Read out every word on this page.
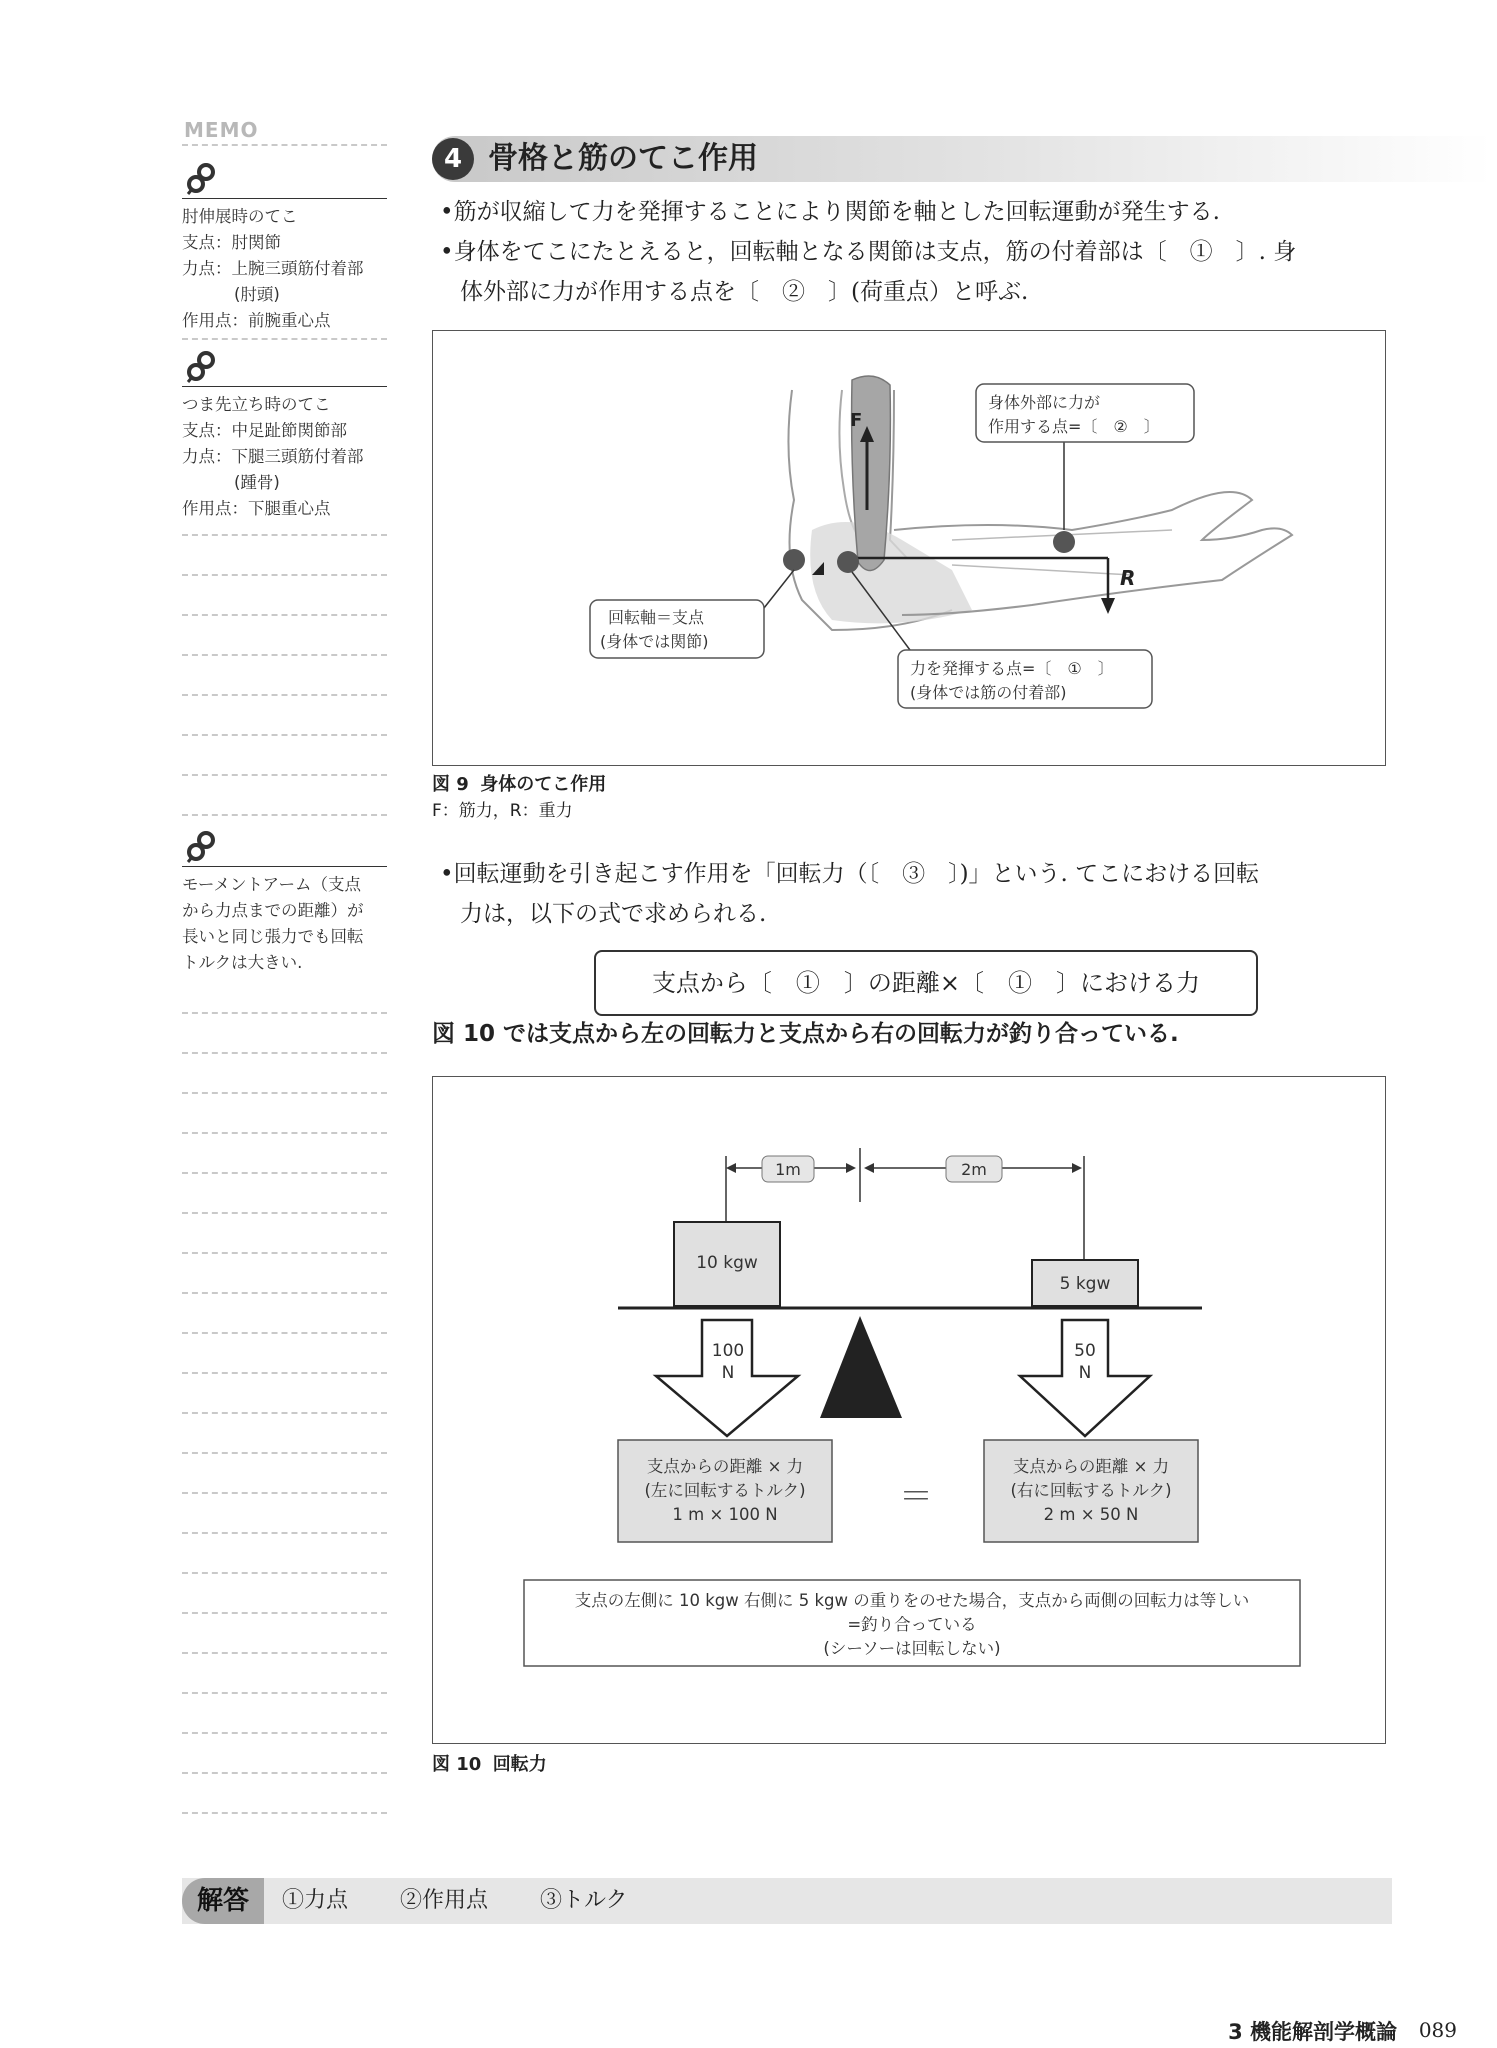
MEMO
肘伸展時のてこ
支点：肘関節
力点：上腕三頭筋付着部
(肘頭)
作用点：前腕重心点
つま先立ち時のてこ
支点：中足趾節関節部
力点：下腿三頭筋付着部
(踵骨)
作用点：下腿重心点
モーメントアーム（支点
から力点までの距離）が
長いと同じ張力でも回転
トルクは大きい.
4 骨格と筋のてこ作用
•筋が収縮して力を発揮することにより関節を軸とした回転運動が発生する.
•身体をてこにたとえると，回転軸となる関節は支点，筋の付着部は〔　①　〕. 身
体外部に力が作用する点を〔　②　〕(荷重点）と呼ぶ.
F
R
身体外部に力が
作用する点=〔　②　〕
回転軸＝支点
(身体では関節)
力を発揮する点=〔　①　〕
(身体では筋の付着部)
図 9 身体のてこ作用
F：筋力，R：重力
•回転運動を引き起こす作用を「回転力（〔　③　〕)」という. てこにおける回転
力は，以下の式で求められる.
支点から〔　①　〕の距離×〔　①　〕における力
図 10 では支点から左の回転力と支点から右の回転力が釣り合っている.
1m	2m
10 kgw
5 kgw
100
N
50
N
支点からの距離 × 力
(左に回転するトルク)
1 m × 100 N	＝
支点からの距離 × 力
(右に回転するトルク)
2 m × 50 N
支点の左側に 10 kgw 右側に 5 kgw の重りをのせた場合，支点から両側の回転力は等しい
=釣り合っている
(シーソーは回転しない)
図 10 回転力
解答	①力点 ②作用点 ③トルク
3 機能解剖学概論 089
